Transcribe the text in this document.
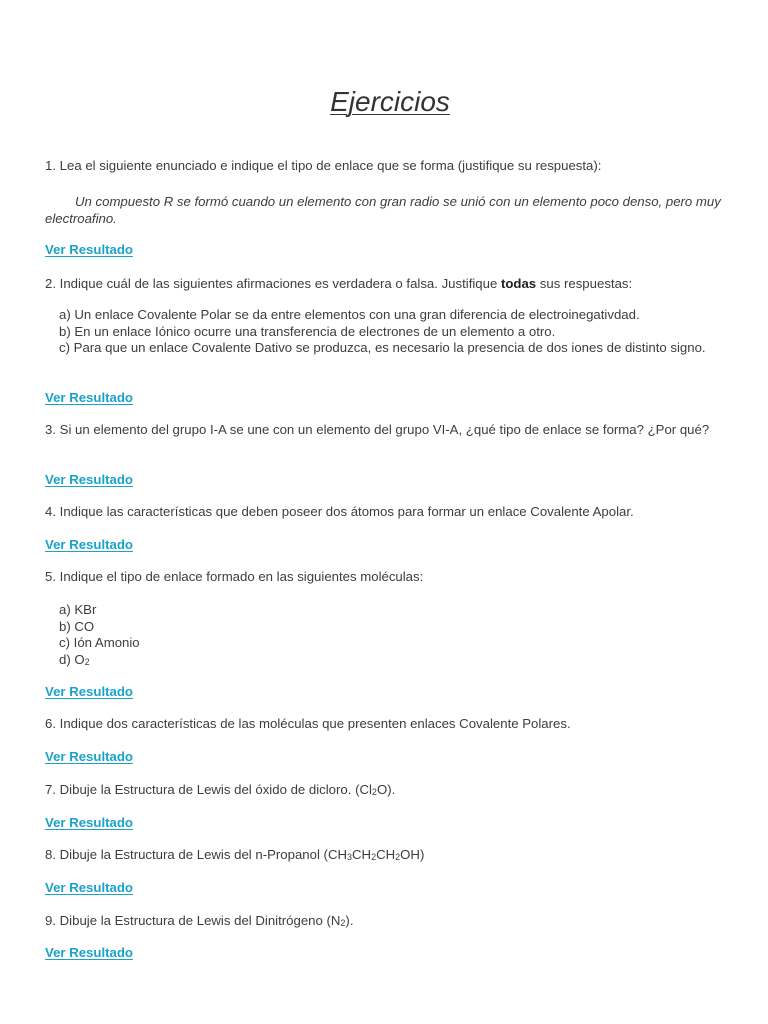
Ejercicios

1. Lea el siguiente enunciado e indique el tipo de enlace que se forma (justifique su respuesta):

Un compuesto R se formó cuando un elemento con gran radio se unió con un elemento poco denso, pero muy electroafino.

Ver Resultado

2. Indique cuál de las siguientes afirmaciones es verdadera o falsa. Justifique todas sus respuestas:

a) Un enlace Covalente Polar se da entre elementos con una gran diferencia de electroinegativdad.
b) En un enlace Iónico ocurre una transferencia de electrones de un elemento a otro.
c) Para que un enlace Covalente Dativo se produzca, es necesario la presencia de dos iones de distinto signo.
Ver Resultado

3. Si un elemento del grupo I-A se une con un elemento del grupo VI-A, ¿qué tipo de enlace se forma? ¿Por qué?

Ver Resultado

4. Indique las características que deben poseer dos átomos para formar un enlace Covalente Apolar.

Ver Resultado

5. Indique el tipo de enlace formado en las siguientes moléculas:

a) KBr
b) CO
c) Ión Amonio
d) $O_2$
Ver Resultado

6. Indique dos características de las moléculas que presenten enlaces Covalente Polares.

Ver Resultado

7. Dibuje la Estructura de Lewis del óxido de dicloro. $(Cl_2O)$.

Ver Resultado

8. Dibuje la Estructura de Lewis del n-Propanol $(CH_3CH_2CH_2OH)$

Ver Resultado

9. Dibuje la Estructura de Lewis del Dinitrógeno $(N_2)$.

Ver Resultado
